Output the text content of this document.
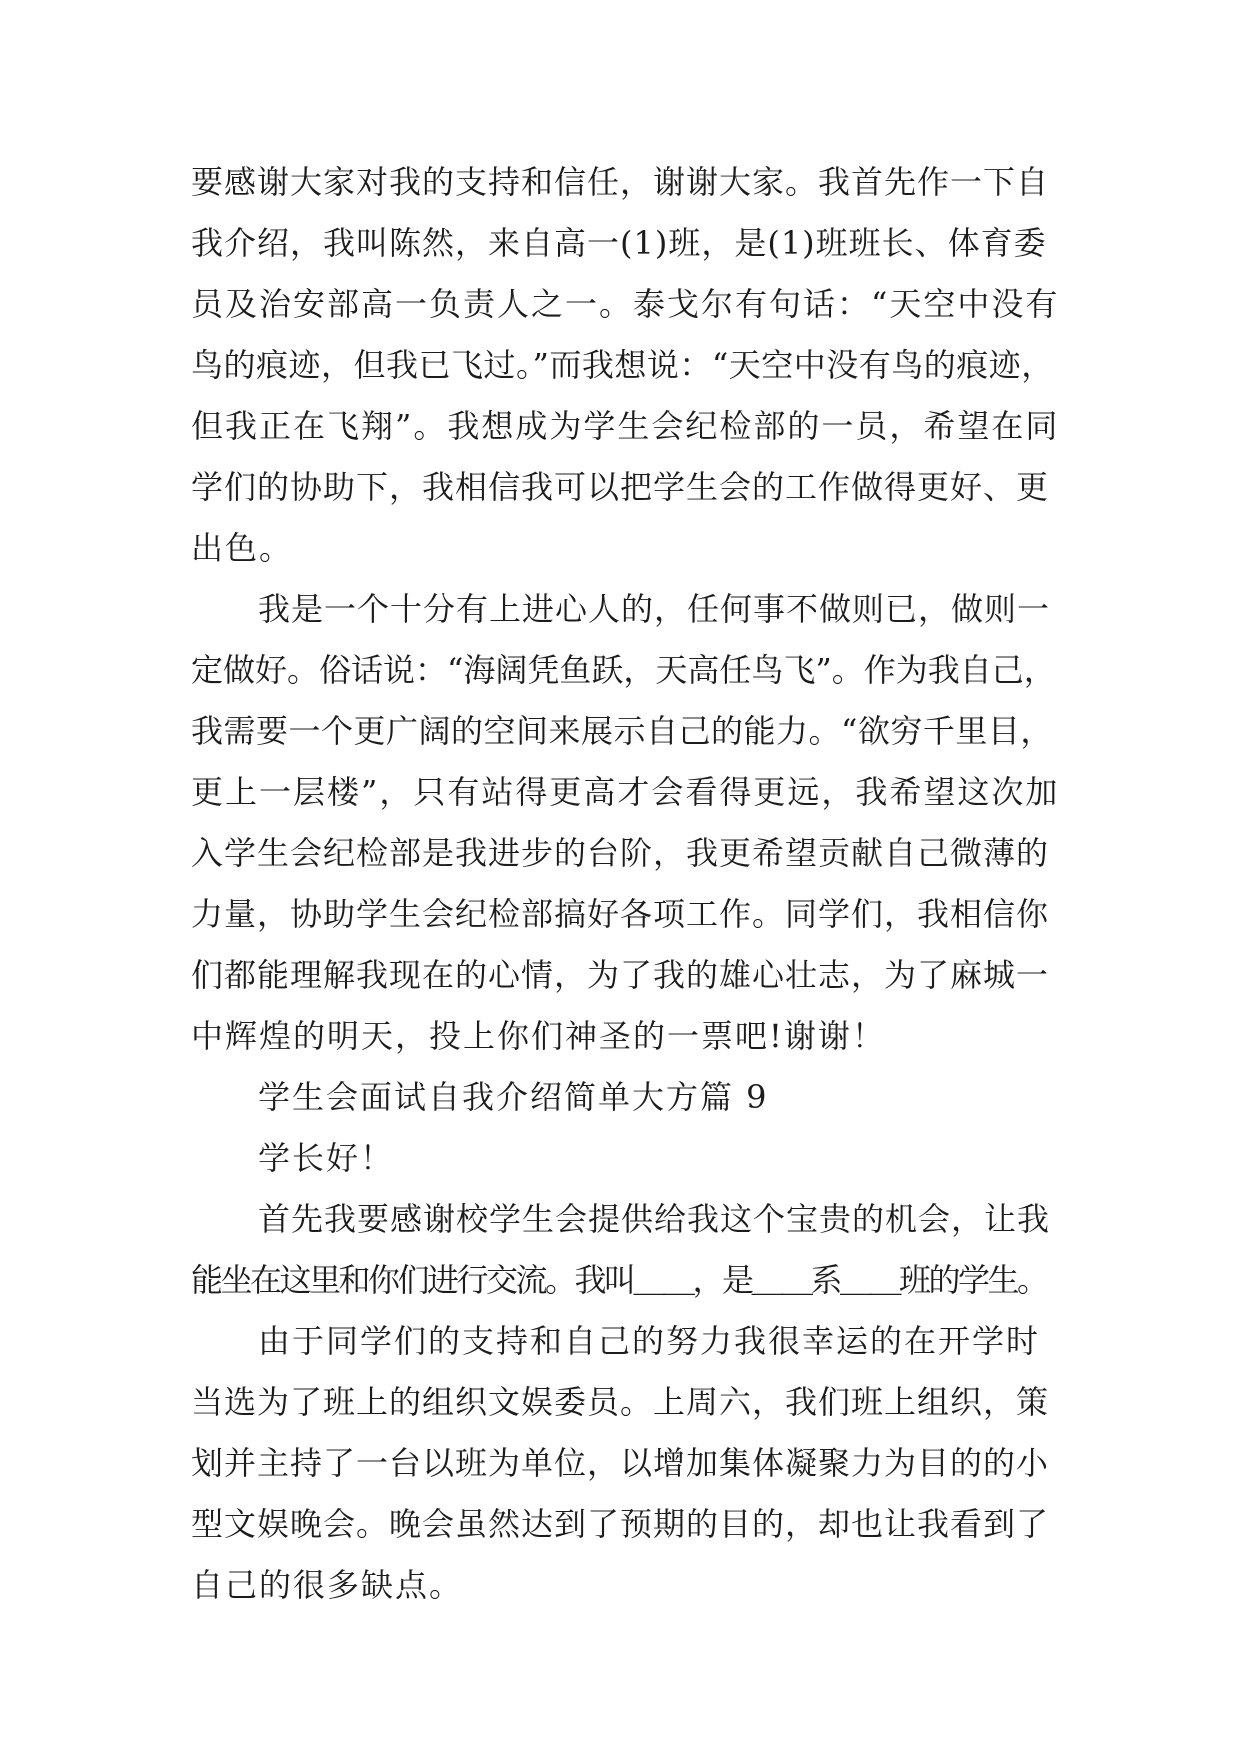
要感谢大家对我的支持和信任，谢谢大家。我首先作一下自
我介绍，我叫陈然，来自高一(1)班，是(1)班班长、体育委
员及治安部高一负责人之一。泰戈尔有句话：“天空中没有
鸟的痕迹，但我已飞过。”而我想说：“天空中没有鸟的痕迹，
但我正在飞翔”。我想成为学生会纪检部的一员，希望在同
学们的协助下，我相信我可以把学生会的工作做得更好、更
出色。
我是一个十分有上进心人的，任何事不做则已，做则一
定做好。俗话说：“海阔凭鱼跃，天高任鸟飞”。作为我自己，
我需要一个更广阔的空间来展示自己的能力。“欲穷千里目，
更上一层楼”，只有站得更高才会看得更远，我希望这次加
入学生会纪检部是我进步的台阶，我更希望贡献自己微薄的
力量，协助学生会纪检部搞好各项工作。同学们，我相信你
们都能理解我现在的心情，为了我的雄心壮志，为了麻城一
中辉煌的明天，投上你们神圣的一票吧!谢谢！
学生会面试自我介绍简单大方篇 9
学长好！
首先我要感谢校学生会提供给我这个宝贵的机会，让我
能坐在这里和你们进行交流。我叫＿＿，是＿＿系＿＿班的学生。
由于同学们的支持和自己的努力我很幸运的在开学时
当选为了班上的组织文娱委员。上周六，我们班上组织，策
划并主持了一台以班为单位，以增加集体凝聚力为目的的小
型文娱晚会。晚会虽然达到了预期的目的，却也让我看到了
自己的很多缺点。
